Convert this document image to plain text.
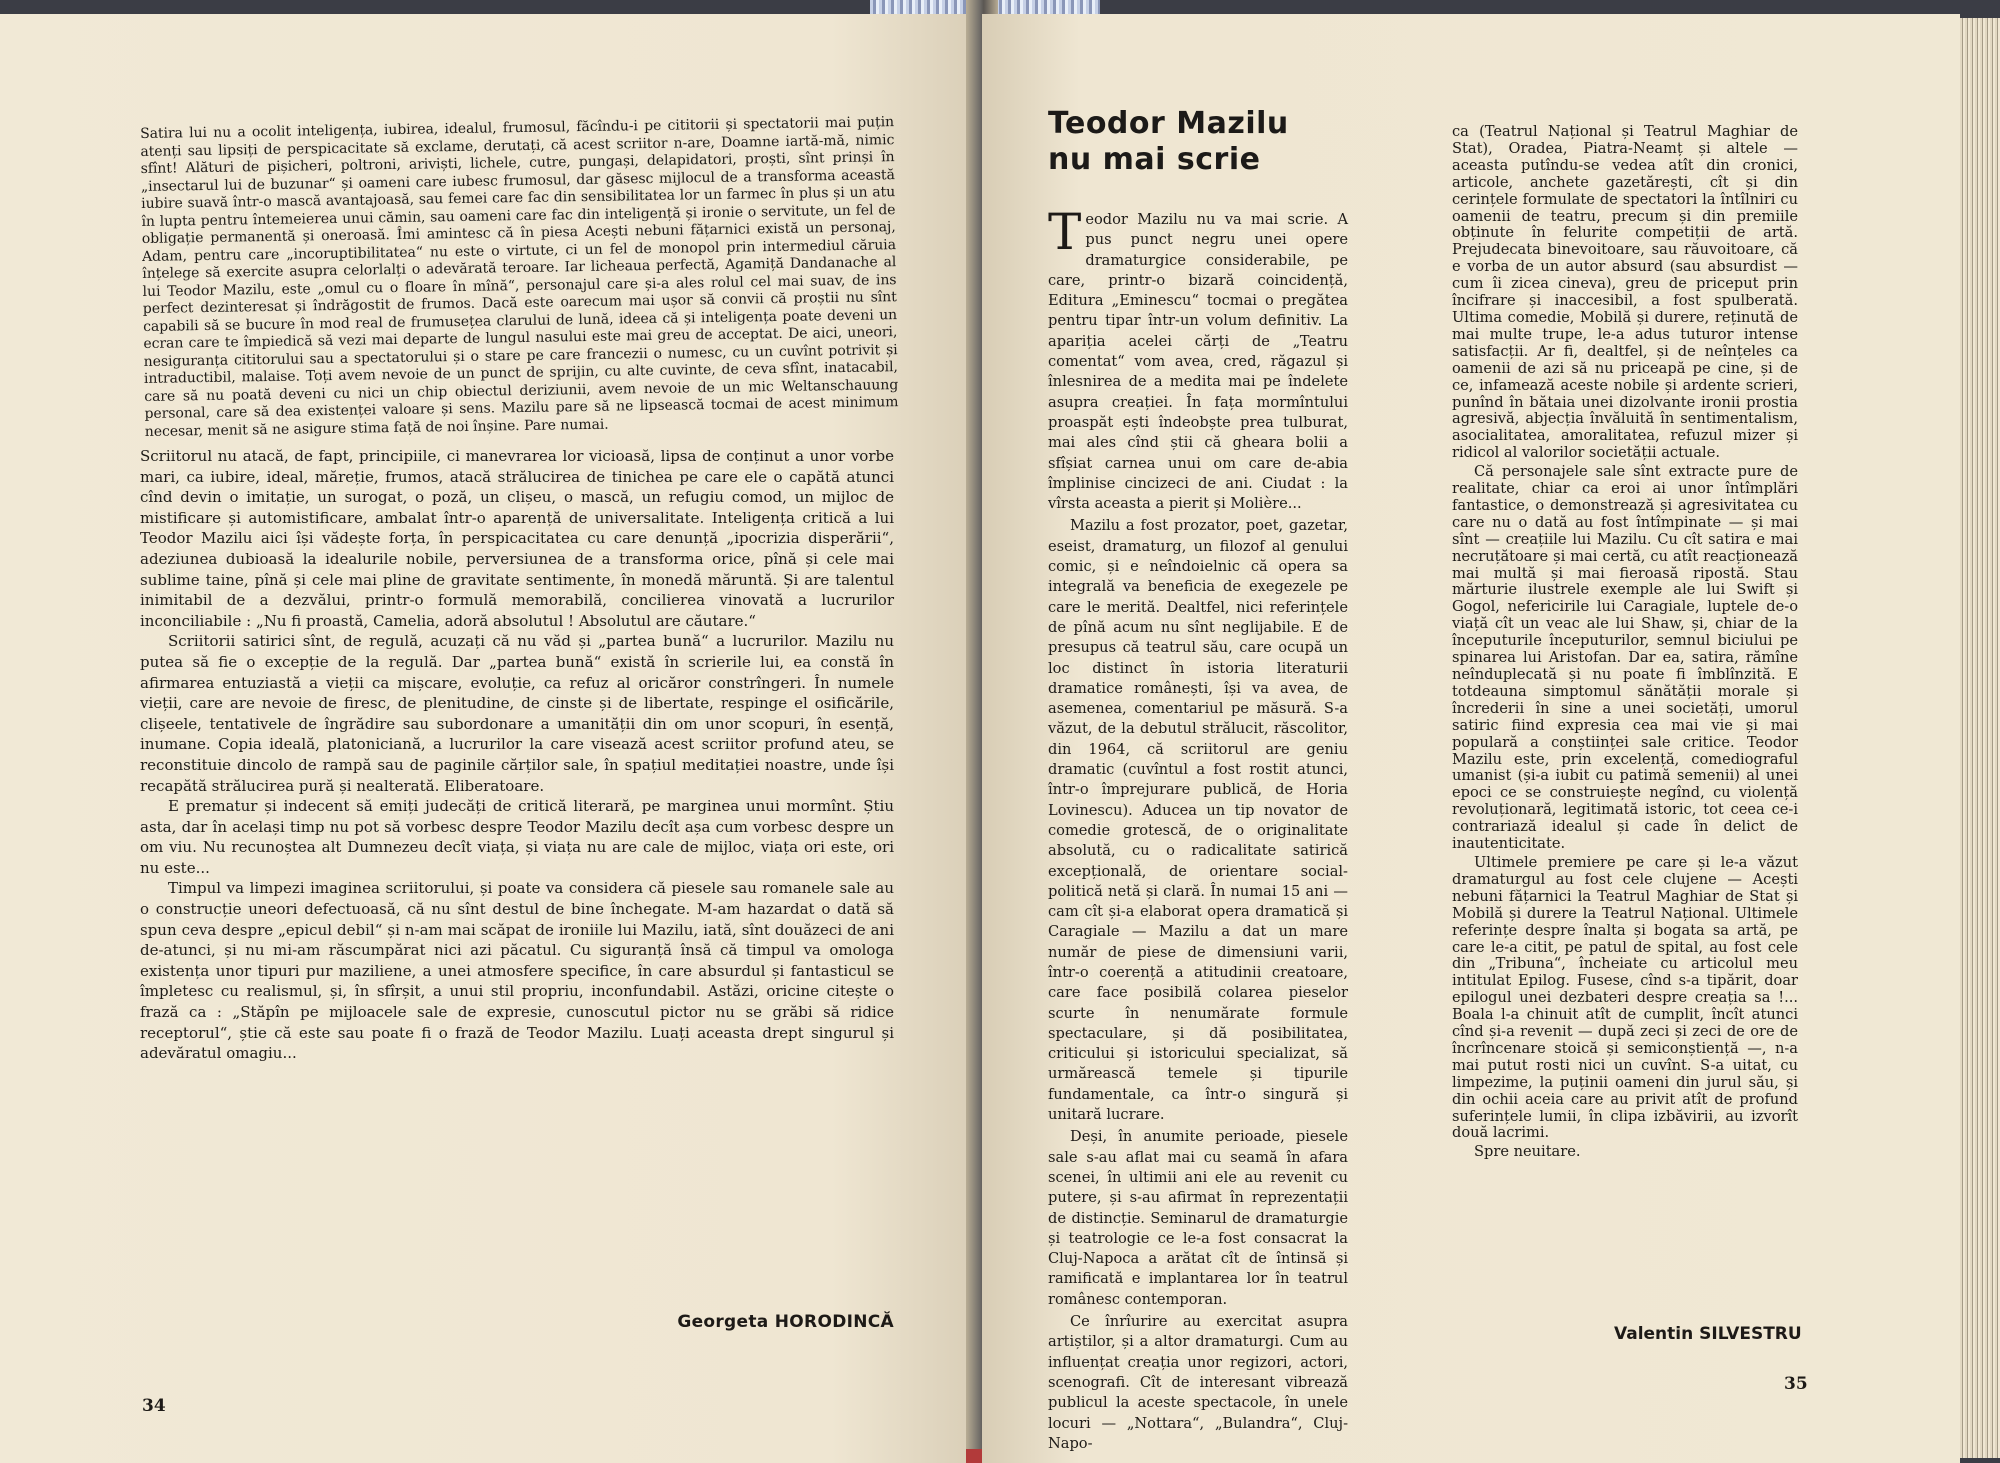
Satira lui nu a ocolit inteligența, iubirea, idealul, frumosul, făcîndu-i pe cititorii și spectatorii mai puțin atenți sau lipsiți de perspicacitate să exclame, derutați, că acest scriitor n-are, Doamne iartă-mă, nimic sfînt! Alături de pișicheri, poltroni, ariviști, lichele, cutre, pungași, delapidatori, proști, sînt prinși în „insectarul lui de buzunar“ și oameni care iubesc frumosul, dar găsesc mijlocul de a transforma această iubire suavă într-o mască avantajoasă, sau femei care fac din sensibilitatea lor un farmec în plus și un atu în lupta pentru întemeierea unui cămin, sau oameni care fac din inteligență și ironie o servitute, un fel de obligație permanentă și oneroasă. Îmi amintesc că în piesa Acești nebuni fățarnici există un personaj, Adam, pentru care „incoruptibilitatea“ nu este o virtute, ci un fel de monopol prin intermediul căruia înțelege să exercite asupra celorlalți o adevărată teroare. Iar licheaua perfectă, Agamiță Dandanache al lui Teodor Mazilu, este „omul cu o floare în mînă“, personajul care și-a ales rolul cel mai suav, de ins perfect dezinteresat și îndrăgostit de frumos. Dacă este oarecum mai ușor să convii că proștii nu sînt capabili să se bucure în mod real de frumusețea clarului de lună, ideea că și inteligența poate deveni un ecran care te împiedică să vezi mai departe de lungul nasului este mai greu de acceptat. De aici, uneori, nesiguranța cititorului sau a spectatorului și o stare pe care francezii o numesc, cu un cuvînt potrivit și intraductibil, malaise. Toți avem nevoie de un punct de sprijin, cu alte cuvinte, de ceva sfînt, inatacabil, care să nu poată deveni cu nici un chip obiectul deriziunii, avem nevoie de un mic Weltanschauung personal, care să dea existenței valoare și sens. Mazilu pare să ne lipsească tocmai de acest minimum necesar, menit să ne asigure stima față de noi înșine. Pare numai.

Scriitorul nu atacă, de fapt, principiile, ci manevrarea lor vicioasă, lipsa de conținut a unor vorbe mari, ca iubire, ideal, măreție, frumos, atacă strălucirea de tinichea pe care ele o capătă atunci cînd devin o imitație, un surogat, o poză, un clișeu, o mască, un refugiu comod, un mijloc de mistificare și automistificare, ambalat într-o aparență de universalitate. Inteligența critică a lui Teodor Mazilu aici își vădește forța, în perspicacitatea cu care denunță „ipocrizia disperării“, adeziunea dubioasă la idealurile nobile, perversiunea de a transforma orice, pînă și cele mai sublime taine, pînă și cele mai pline de gravitate sentimente, în monedă măruntă. Și are talentul inimitabil de a dezvălui, printr-o formulă memorabilă, concilierea vinovată a lucrurilor inconciliabile : „Nu fi proastă, Camelia, adoră absolutul ! Absolutul are căutare.“

Scriitorii satirici sînt, de regulă, acuzați că nu văd și „partea bună“ a lucrurilor. Mazilu nu putea să fie o excepție de la regulă. Dar „partea bună“ există în scrierile lui, ea constă în afirmarea entuziastă a vieții ca mișcare, evoluție, ca refuz al oricăror constrîngeri. În numele vieții, care are nevoie de firesc, de plenitudine, de cinste și de libertate, respinge el osificările, clișeele, tentativele de îngrădire sau subordonare a umanității din om unor scopuri, în esență, inumane. Copia ideală, platoniciană, a lucrurilor la care visează acest scriitor profund ateu, se reconstituie dincolo de rampă sau de paginile cărților sale, în spațiul meditației noastre, unde își recapătă strălucirea pură și nealterată. Eliberatoare.

E prematur și indecent să emiți judecăți de critică literară, pe marginea unui mormînt. Știu asta, dar în același timp nu pot să vorbesc despre Teodor Mazilu decît așa cum vorbesc despre un om viu. Nu recunoștea alt Dumnezeu decît viața, și viața nu are cale de mijloc, viața ori este, ori nu este...

Timpul va limpezi imaginea scriitorului, și poate va considera că piesele sau romanele sale au o construcție uneori defectuoasă, că nu sînt destul de bine închegate. M-am hazardat o dată să spun ceva despre „epicul debil“ și n-am mai scăpat de ironiile lui Mazilu, iată, sînt douăzeci de ani de-atunci, și nu mi-am răscumpărat nici azi păcatul. Cu siguranță însă că timpul va omologa existența unor tipuri pur maziliene, a unei atmosfere specifice, în care absurdul și fantasticul se împletesc cu realismul, și, în sfîrșit, a unui stil propriu, inconfundabil. Astăzi, oricine citește o frază ca : „Stăpîn pe mijloacele sale de expresie, cunoscutul pictor nu se grăbi să ridice receptorul“, știe că este sau poate fi o frază de Teodor Mazilu. Luați aceasta drept singurul și adevăratul omagiu...

Georgeta HORODINCĂ
34
Teodor Mazilu
nu mai scrie

Teodor Mazilu nu va mai scrie. A pus punct negru unei opere dramaturgice considerabile, pe care, printr-o bizară coincidență, Editura „Eminescu“ tocmai o pregătea pentru tipar într-un volum definitiv. La apariția acelei cărți de „Teatru comentat“ vom avea, cred, răgazul și înlesnirea de a medita mai pe îndelete asupra creației. În fața mormîntului proaspăt ești îndeobște prea tulburat, mai ales cînd știi că gheara bolii a sfîșiat carnea unui om care de-abia împlinise cincizeci de ani. Ciudat : la vîrsta aceasta a pierit și Molière...

Mazilu a fost prozator, poet, gazetar, eseist, dramaturg, un filozof al genului comic, și e neîndoielnic că opera sa integrală va beneficia de exegezele pe care le merită. Dealtfel, nici referințele de pînă acum nu sînt neglijabile. E de presupus că teatrul său, care ocupă un loc distinct în istoria literaturii dramatice românești, își va avea, de asemenea, comentariul pe măsură. S-a văzut, de la debutul strălucit, răscolitor, din 1964, că scriitorul are geniu dramatic (cuvîntul a fost rostit atunci, într-o împrejurare publică, de Horia Lovinescu). Aducea un tip novator de comedie grotescă, de o originalitate absolută, cu o radicalitate satirică excepțională, de orientare social-politică netă și clară. În numai 15 ani — cam cît și-a elaborat opera dramatică și Caragiale — Mazilu a dat un mare număr de piese de dimensiuni varii, într-o coerență a atitudinii creatoare, care face posibilă colarea pieselor scurte în nenumărate formule spectaculare, și dă posibilitatea, criticului și istoricului specializat, să urmărească temele și tipurile fundamentale, ca într-o singură și unitară lucrare.

Deși, în anumite perioade, piesele sale s-au aflat mai cu seamă în afara scenei, în ultimii ani ele au revenit cu putere, și s-au afirmat în reprezentații de distincție. Seminarul de dramaturgie și teatrologie ce le-a fost consacrat la Cluj-Napoca a arătat cît de întinsă și ramificată e implantarea lor în teatrul românesc contemporan.

Ce înrîurire au exercitat asupra artiștilor, și a altor dramaturgi. Cum au influențat creația unor regizori, actori, scenografi. Cît de interesant vibrează publicul la aceste spectacole, în unele locuri — „Nottara“, „Bulandra“, Cluj-Napo-

ca (Teatrul Național și Teatrul Maghiar de Stat), Oradea, Piatra-Neamț și altele — aceasta putîndu-se vedea atît din cronici, articole, anchete gazetărești, cît și din cerințele formulate de spectatori la întîlniri cu oamenii de teatru, precum și din premiile obținute în felurite competiții de artă. Prejudecata binevoitoare, sau răuvoitoare, că e vorba de un autor absurd (sau absurdist — cum îi zicea cineva), greu de priceput prin încifrare și inaccesibil, a fost spulberată. Ultima comedie, Mobilă și durere, reținută de mai multe trupe, le-a adus tuturor intense satisfacții. Ar fi, dealtfel, și de neînțeles ca oamenii de azi să nu priceapă pe cine, și de ce, infamează aceste nobile și ardente scrieri, punînd în bătaia unei dizolvante ironii prostia agresivă, abjecția învăluită în sentimentalism, asocialitatea, amoralitatea, refuzul mizer și ridicol al valorilor societății actuale.

Că personajele sale sînt extracte pure de realitate, chiar ca eroi ai unor întîmplări fantastice, o demonstrează și agresivitatea cu care nu o dată au fost întîmpinate — și mai sînt — creațiile lui Mazilu. Cu cît satira e mai necruțătoare și mai certă, cu atît reacționează mai multă și mai fieroasă ripostă. Stau mărturie ilustrele exemple ale lui Swift și Gogol, nefericirile lui Caragiale, luptele de-o viață cît un veac ale lui Shaw, și, chiar de la începuturile începuturilor, semnul biciului pe spinarea lui Aristofan. Dar ea, satira, rămîne neînduplecată și nu poate fi îmblînzită. E totdeauna simptomul sănătății morale și încrederii în sine a unei societăți, umorul satiric fiind expresia cea mai vie și mai populară a conștiinței sale critice. Teodor Mazilu este, prin excelență, comediograful umanist (și-a iubit cu patimă semenii) al unei epoci ce se construiește negînd, cu violență revoluționară, legitimată istoric, tot ceea ce-i contrariază idealul și cade în delict de inautenticitate.

Ultimele premiere pe care și le-a văzut dramaturgul au fost cele clujene — Acești nebuni fățarnici la Teatrul Maghiar de Stat și Mobilă și durere la Teatrul Național. Ultimele referințe despre înalta și bogata sa artă, pe care le-a citit, pe patul de spital, au fost cele din „Tribuna“, încheiate cu articolul meu intitulat Epilog. Fusese, cînd s-a tipărit, doar epilogul unei dezbateri despre creația sa !... Boala l-a chinuit atît de cumplit, încît atunci cînd și-a revenit — după zeci și zeci de ore de încrîncenare stoică și semiconștiență —, n-a mai putut rosti nici un cuvînt. S-a uitat, cu limpezime, la puținii oameni din jurul său, și din ochii aceia care au privit atît de profund suferințele lumii, în clipa izbăvirii, au izvorît două lacrimi.

Spre neuitare.

Valentin SILVESTRU
35
